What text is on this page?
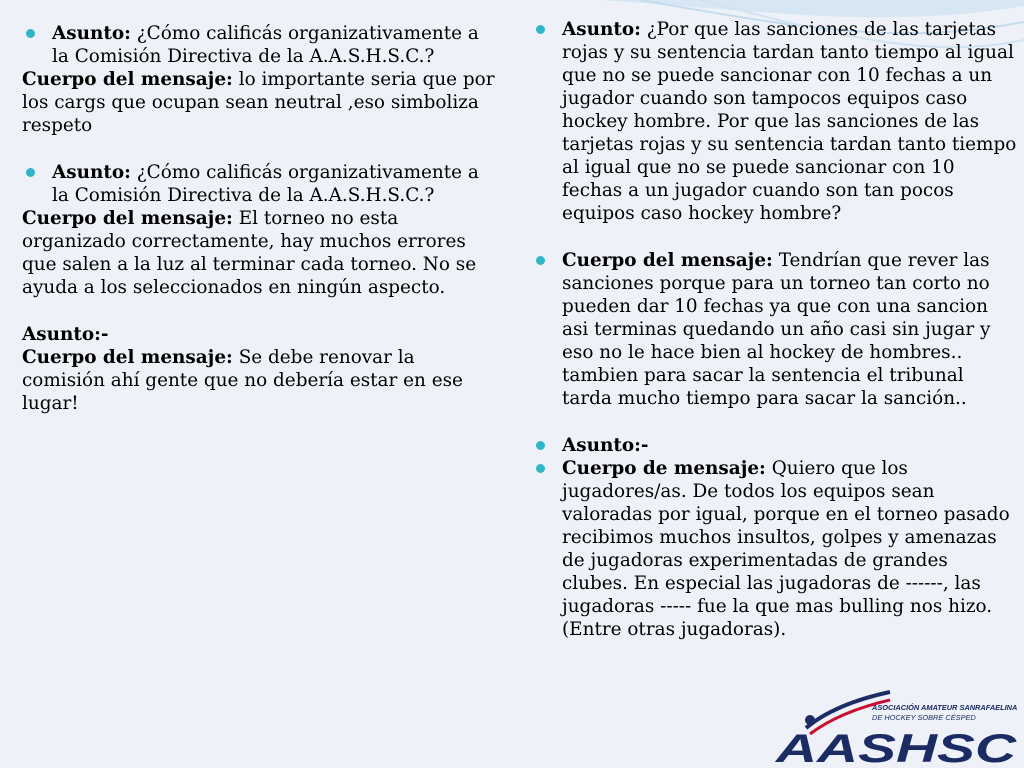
Asunto: ¿Cómo calificás organizativamente a la Comisión Directiva de la A.A.S.H.S.C.?
Cuerpo del mensaje: lo importante seria que por los cargs que ocupan sean neutral ,eso simboliza respeto
Asunto: ¿Cómo calificás organizativamente a la Comisión Directiva de la A.A.S.H.S.C.?
Cuerpo del mensaje: El torneo no esta organizado correctamente, hay muchos errores que salen a la luz al terminar cada torneo. No se ayuda a los seleccionados en ningún aspecto.
Asunto:-
Cuerpo del mensaje: Se debe renovar la comisión ahí gente que no debería estar en ese lugar!
Asunto: ¿Por que las sanciones de las tarjetas rojas y su sentencia tardan tanto tiempo al igual que no se puede sancionar con 10 fechas a un jugador cuando son tampocos equipos caso hockey hombre. Por que las sanciones de las tarjetas rojas y su sentencia tardan tanto tiempo al igual que no se puede sancionar con 10 fechas a un jugador cuando son tan pocos equipos caso hockey hombre?
Cuerpo del mensaje: Tendrían que rever las sanciones porque para un torneo tan corto no pueden dar 10 fechas ya que con una sancion asi terminas quedando un año casi sin jugar y eso no le hace bien al hockey de hombres.. tambien para sacar la sentencia el tribunal tarda mucho tiempo para sacar la sanción..
Asunto:-
Cuerpo de mensaje: Quiero que los jugadores/as. De todos los equipos sean valoradas por igual, porque en el torneo pasado recibimos muchos insultos, golpes y amenazas de jugadoras experimentadas de grandes clubes. En especial las jugadoras de ------, las jugadoras ----- fue la que mas bulling nos hizo. (Entre otras jugadoras).
ASOCIACIÓN AMATEUR SANRAFAELINA
DE HOCKEY SOBRE CÉSPED
AASHSC
